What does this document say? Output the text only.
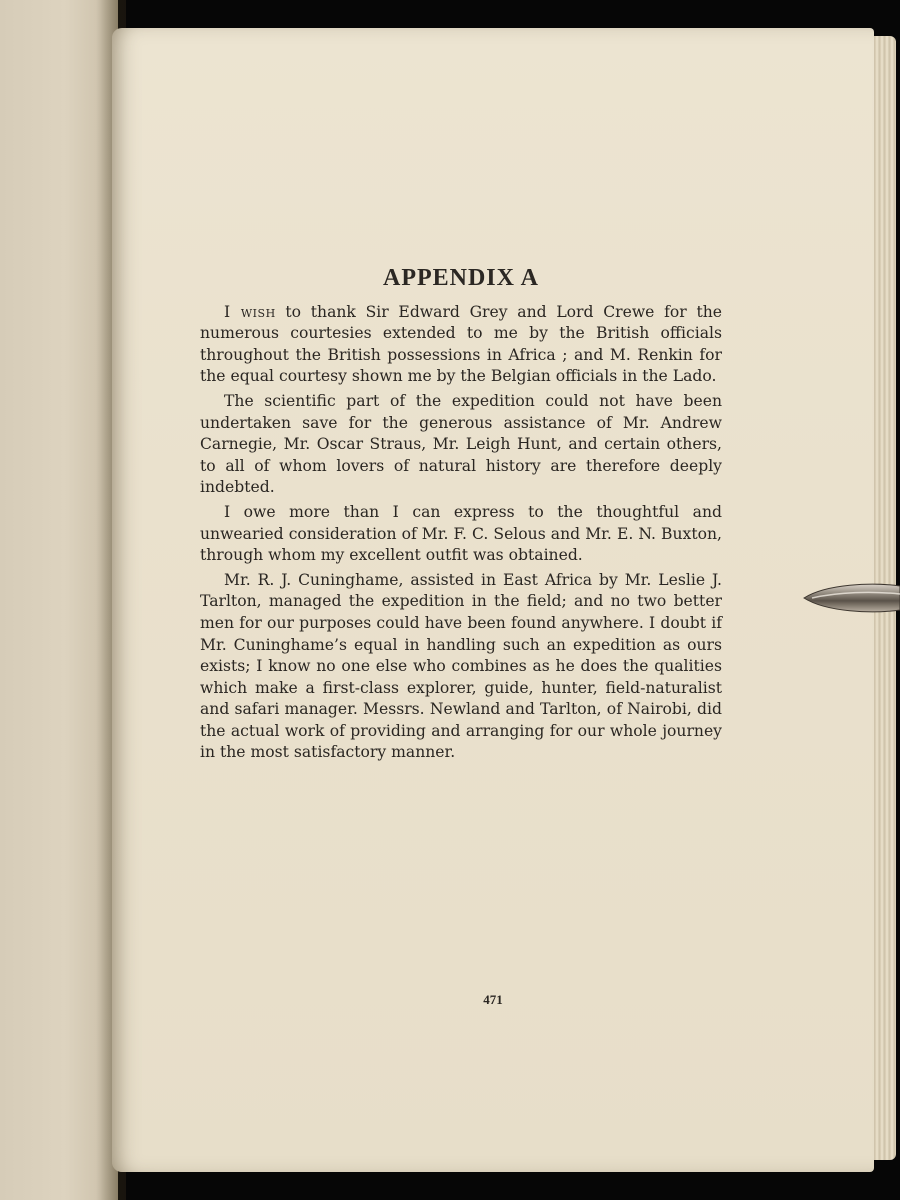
APPENDIX A

I wish to thank Sir Edward Grey and Lord Crewe for the numerous courtesies extended to me by the British officials throughout the British possessions in Africa ; and M. Renkin for the equal courtesy shown me by the Belgian officials in the Lado.

The scientific part of the expedition could not have been undertaken save for the generous assistance of Mr. Andrew Carnegie, Mr. Oscar Straus, Mr. Leigh Hunt, and certain others, to all of whom lovers of natural history are therefore deeply indebted.

I owe more than I can express to the thoughtful and unwearied consideration of Mr. F. C. Selous and Mr. E. N. Buxton, through whom my excellent outfit was obtained.

Mr. R. J. Cuninghame, assisted in East Africa by Mr. Leslie J. Tarlton, managed the expedition in the field; and no two better men for our purposes could have been found anywhere. I doubt if Mr. Cuninghame’s equal in handling such an expedition as ours exists; I know no one else who combines as he does the qualities which make a first-class explorer, guide, hunter, field-naturalist and safari manager. Messrs. Newland and Tarlton, of Nairobi, did the actual work of providing and arranging for our whole journey in the most satisfactory manner.

471
